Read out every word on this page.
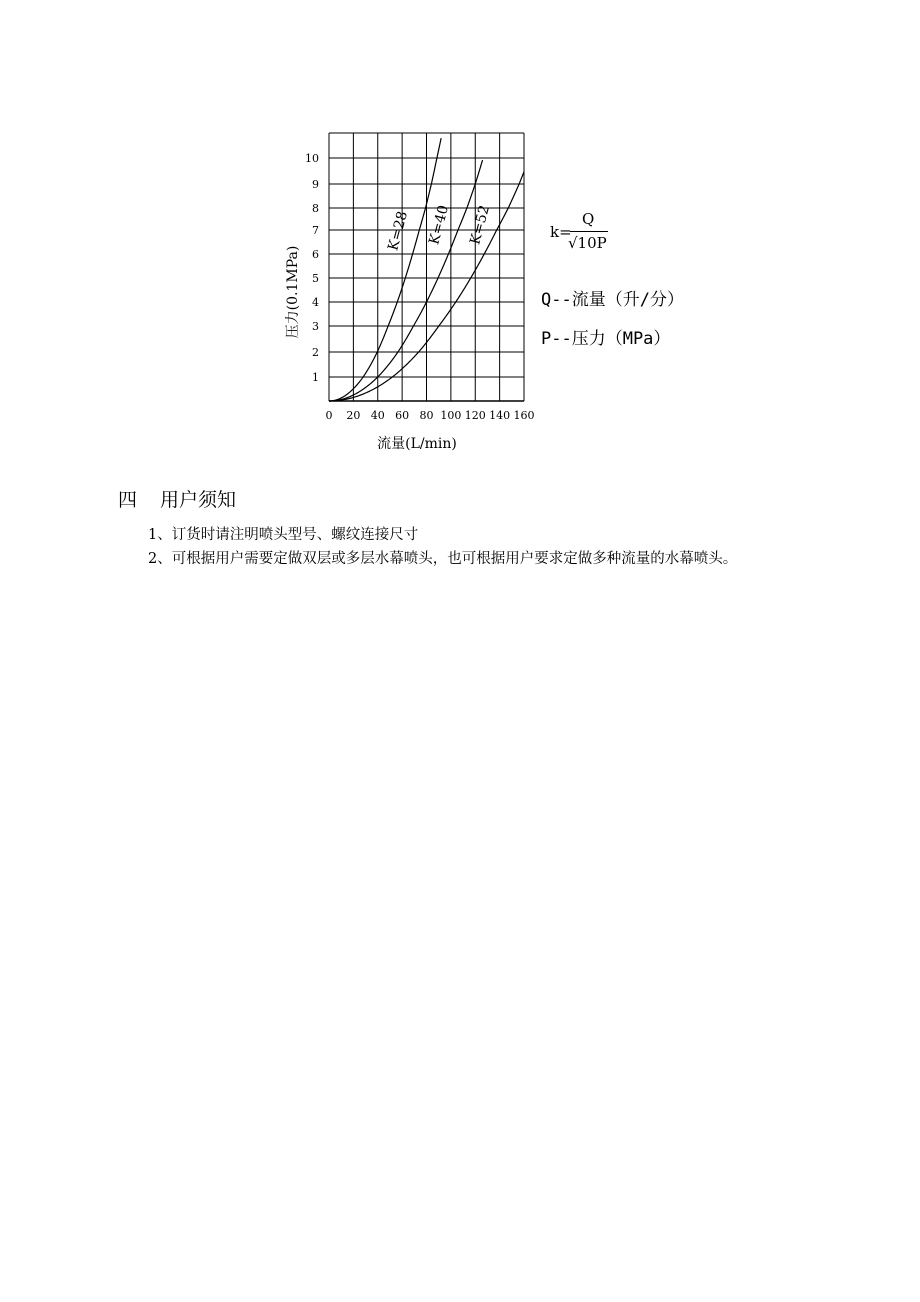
K=28 K=40 K=52
0 20 40 60 80 100 120 140 160
1
2
3
4
5
6
7
8
9
10
流量(L/min)
压力(0.1MPa)
k=
Q
√10P
Q--流量（升/分）
P--压力（MPa）
四 用户须知
1、订货时请注明喷头型号、螺纹连接尺寸
2、可根据用户需要定做双层或多层水幕喷头，也可根据用户要求定做多种流量的水幕喷头。
